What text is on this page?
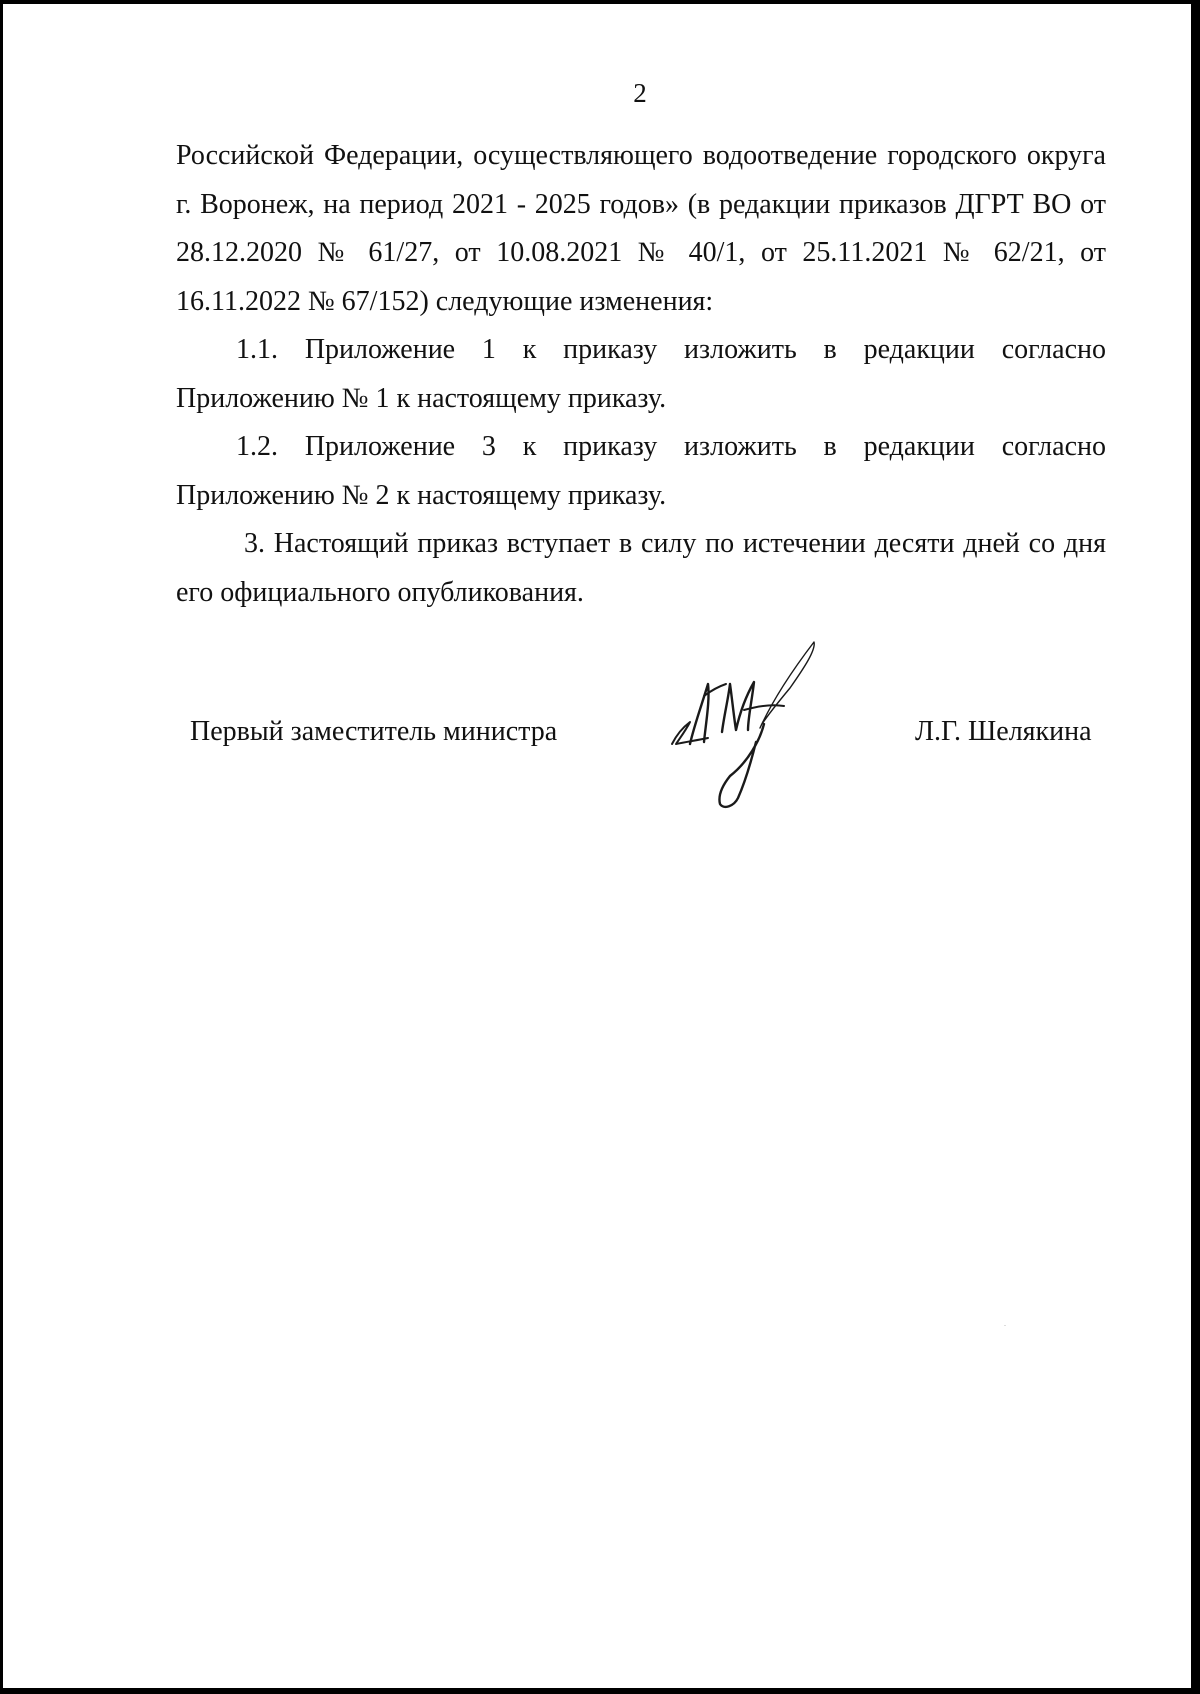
2

Российской Федерации, осуществляющего водоотведение городского округа г. Воронеж, на период 2021 - 2025 годов» (в редакции приказов ДГРТ ВО от 28.12.2020 № 61/27, от 10.08.2021 № 40/1, от 25.11.2021 № 62/21, от 16.11.2022 № 67/152) следующие изменения:

1.1. Приложение 1 к приказу изложить в редакции согласно Приложению № 1 к настоящему приказу.

1.2. Приложение 3 к приказу изложить в редакции согласно Приложению № 2 к настоящему приказу.

3. Настоящий приказ вступает в силу по истечении десяти дней со дня его официального опубликования.

Первый заместитель министра	Л.Г. Шелякина
